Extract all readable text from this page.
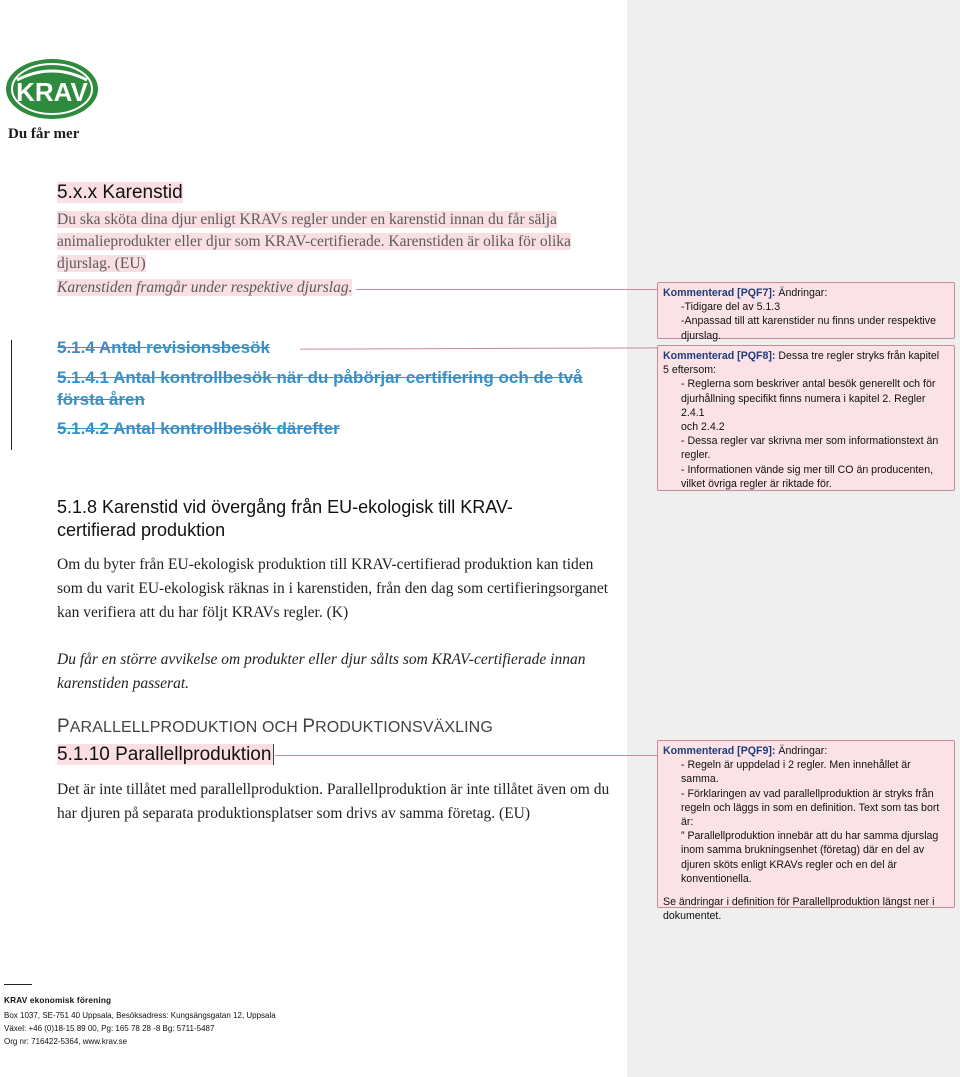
KRAV
Du får mer
5.x.x Karenstid
Du ska sköta dina djur enligt KRAVs regler under en karenstid innan du får sälja
animalieprodukter eller djur som KRAV-certifierade. Karenstiden är olika för olika
djurslag. (EU)
Karenstiden framgår under respektive djurslag.
5.1.4 Antal revisionsbesök
5.1.4.1 Antal kontrollbesök när du påbörjar certifiering och de två
första åren
5.1.4.2 Antal kontrollbesök därefter
5.1.8 Karenstid vid övergång från EU-ekologisk till KRAV-
certifierad produktion
Om du byter från EU-ekologisk produktion till KRAV-certifierad produktion kan tiden
som du varit EU-ekologisk räknas in i karenstiden, från den dag som certifieringsorganet
kan verifiera att du har följt KRAVs regler. (K)
Du får en större avvikelse om produkter eller djur sålts som KRAV-certifierade innan
karenstiden passerat.
PARALLELLPRODUKTION OCH PRODUKTIONSVÄXLING
5.1.10 Parallellproduktion
Det är inte tillåtet med parallellproduktion. Parallellproduktion är inte tillåtet även om du
har djuren på separata produktionsplatser som drivs av samma företag. (EU)
Kommenterad [PQF7]: Ändringar:
-Tidigare del av 5.1.3
-Anpassad till att karenstider nu finns under respektive
djurslag.
Kommenterad [PQF8]: Dessa tre regler stryks från kapitel
5 eftersom:
- Reglerna som beskriver antal besök generellt och för
djurhållning specifikt finns numera i kapitel 2. Regler 2.4.1
och 2.4.2
- Dessa regler var skrivna mer som informationstext än
regler.
- Informationen vände sig mer till CO än producenten,
vilket övriga regler är riktade för.
Kommenterad [PQF9]: Ändringar:
- Regeln är uppdelad i 2 regler. Men innehållet är samma.
- Förklaringen av vad parallellproduktion är stryks från
regeln och läggs in som en definition. Text som tas bort är:
” Parallellproduktion innebär att du har samma djurslag
inom samma brukningsenhet (företag) där en del av
djuren sköts enligt KRAVs regler och en del är
konventionella.
Se ändringar i definition för Parallellproduktion längst ner i
dokumentet.
KRAV ekonomisk förening
Box 1037, SE-751 40 Uppsala, Besöksadress: Kungsängsgatan 12, Uppsala
Växel: +46 (0)18-15 89 00, Pg: 165 78 28 -8 Bg: 5711-5487
Org nr: 716422-5364, www.krav.se
